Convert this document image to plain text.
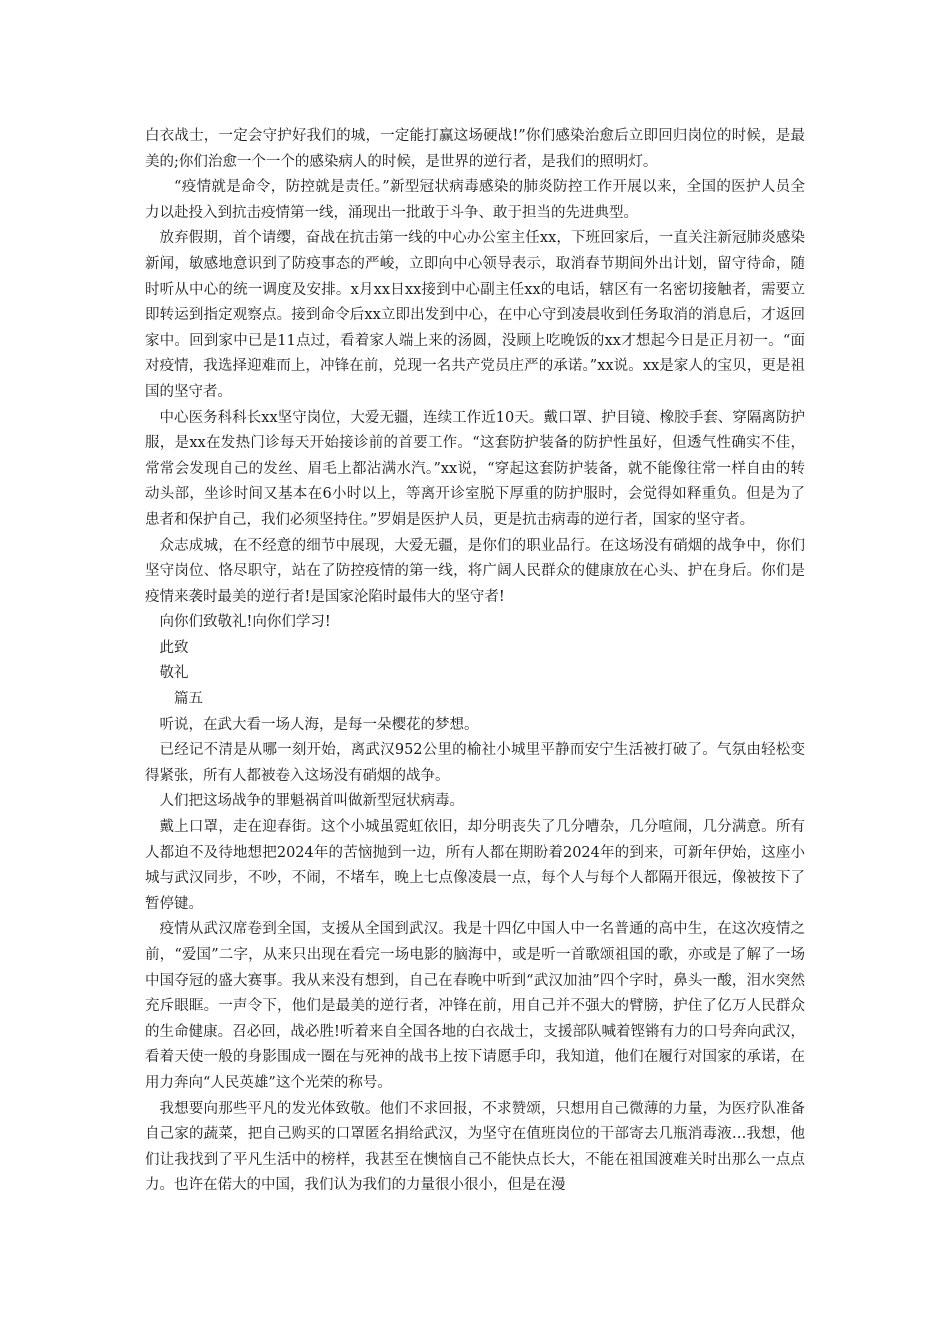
白衣战士，一定会守护好我们的城，一定能打赢这场硬战!”你们感染治愈后立即回归岗位的时候，是最美的;你们治愈一个一个的感染病人的时候，是世界的逆行者，是我们的照明灯。

“疫情就是命令，防控就是责任。”新型冠状病毒感染的肺炎防控工作开展以来，全国的医护人员全力以赴投入到抗击疫情第一线，涌现出一批敢于斗争、敢于担当的先进典型。

放弃假期，首个请缨，奋战在抗击第一线的中心办公室主任xx，下班回家后，一直关注新冠肺炎感染新闻，敏感地意识到了防疫事态的严峻，立即向中心领导表示，取消春节期间外出计划，留守待命，随时听从中心的统一调度及安排。x月xx日xx接到中心副主任xx的电话，辖区有一名密切接触者，需要立即转运到指定观察点。接到命令后xx立即出发到中心，在中心守到凌晨收到任务取消的消息后，才返回家中。回到家中已是11点过，看着家人端上来的汤圆，没顾上吃晚饭的xx才想起今日是正月初一。“面对疫情，我选择迎难而上，冲锋在前，兑现一名共产党员庄严的承诺。”xx说。xx是家人的宝贝，更是祖国的坚守者。

中心医务科科长xx坚守岗位，大爱无疆，连续工作近10天。戴口罩、护目镜、橡胶手套、穿隔离防护服，是xx在发热门诊每天开始接诊前的首要工作。“这套防护装备的防护性虽好，但透气性确实不佳，常常会发现自己的发丝、眉毛上都沾满水汽。”xx说，“穿起这套防护装备，就不能像往常一样自由的转动头部，坐诊时间又基本在6小时以上，等离开诊室脱下厚重的防护服时，会觉得如释重负。但是为了患者和保护自己，我们必须坚持住。”罗娟是医护人员，更是抗击病毒的逆行者，国家的坚守者。

众志成城，在不经意的细节中展现，大爱无疆，是你们的职业品行。在这场没有硝烟的战争中，你们坚守岗位、恪尽职守，站在了防控疫情的第一线，将广阔人民群众的健康放在心头、护在身后。你们是疫情来袭时最美的逆行者!是国家沦陷时最伟大的坚守者!

向你们致敬礼!向你们学习!

此致

敬礼

篇五

听说，在武大看一场人海，是每一朵樱花的梦想。

已经记不清是从哪一刻开始，离武汉952公里的榆社小城里平静而安宁生活被打破了。气氛由轻松变得紧张，所有人都被卷入这场没有硝烟的战争。

人们把这场战争的罪魁祸首叫做新型冠状病毒。

戴上口罩，走在迎春街。这个小城虽霓虹依旧，却分明丧失了几分嘈杂，几分喧闹，几分满意。所有人都迫不及待地想把2024年的苦恼抛到一边，所有人都在期盼着2024年的到来，可新年伊始，这座小城与武汉同步，不吵，不闹，不堵车，晚上七点像凌晨一点，每个人与每个人都隔开很远，像被按下了暂停键。

疫情从武汉席卷到全国，支援从全国到武汉。我是十四亿中国人中一名普通的高中生，在这次疫情之前，“爱国”二字，从来只出现在看完一场电影的脑海中，或是听一首歌颂祖国的歌，亦或是了解了一场中国夺冠的盛大赛事。我从来没有想到，自己在春晚中听到“武汉加油”四个字时，鼻头一酸，泪水突然充斥眼眶。一声令下，他们是最美的逆行者，冲锋在前，用自己并不强大的臂膀，护住了亿万人民群众的生命健康。召必回，战必胜!听着来自全国各地的白衣战士，支援部队喊着铿锵有力的口号奔向武汉，看着天使一般的身影围成一圈在与死神的战书上按下请愿手印，我知道，他们在履行对国家的承诺，在用力奔向“人民英雄”这个光荣的称号。

我想要向那些平凡的发光体致敬。他们不求回报，不求赞颂，只想用自己微薄的力量，为医疗队准备自己家的蔬菜，把自己购买的口罩匿名捐给武汉，为坚守在值班岗位的干部寄去几瓶消毒液…我想，他们让我找到了平凡生活中的榜样，我甚至在懊恼自己不能快点长大，不能在祖国渡难关时出那么一点点力。也许在偌大的中国，我们认为我们的力量很小很小，但是在漫
